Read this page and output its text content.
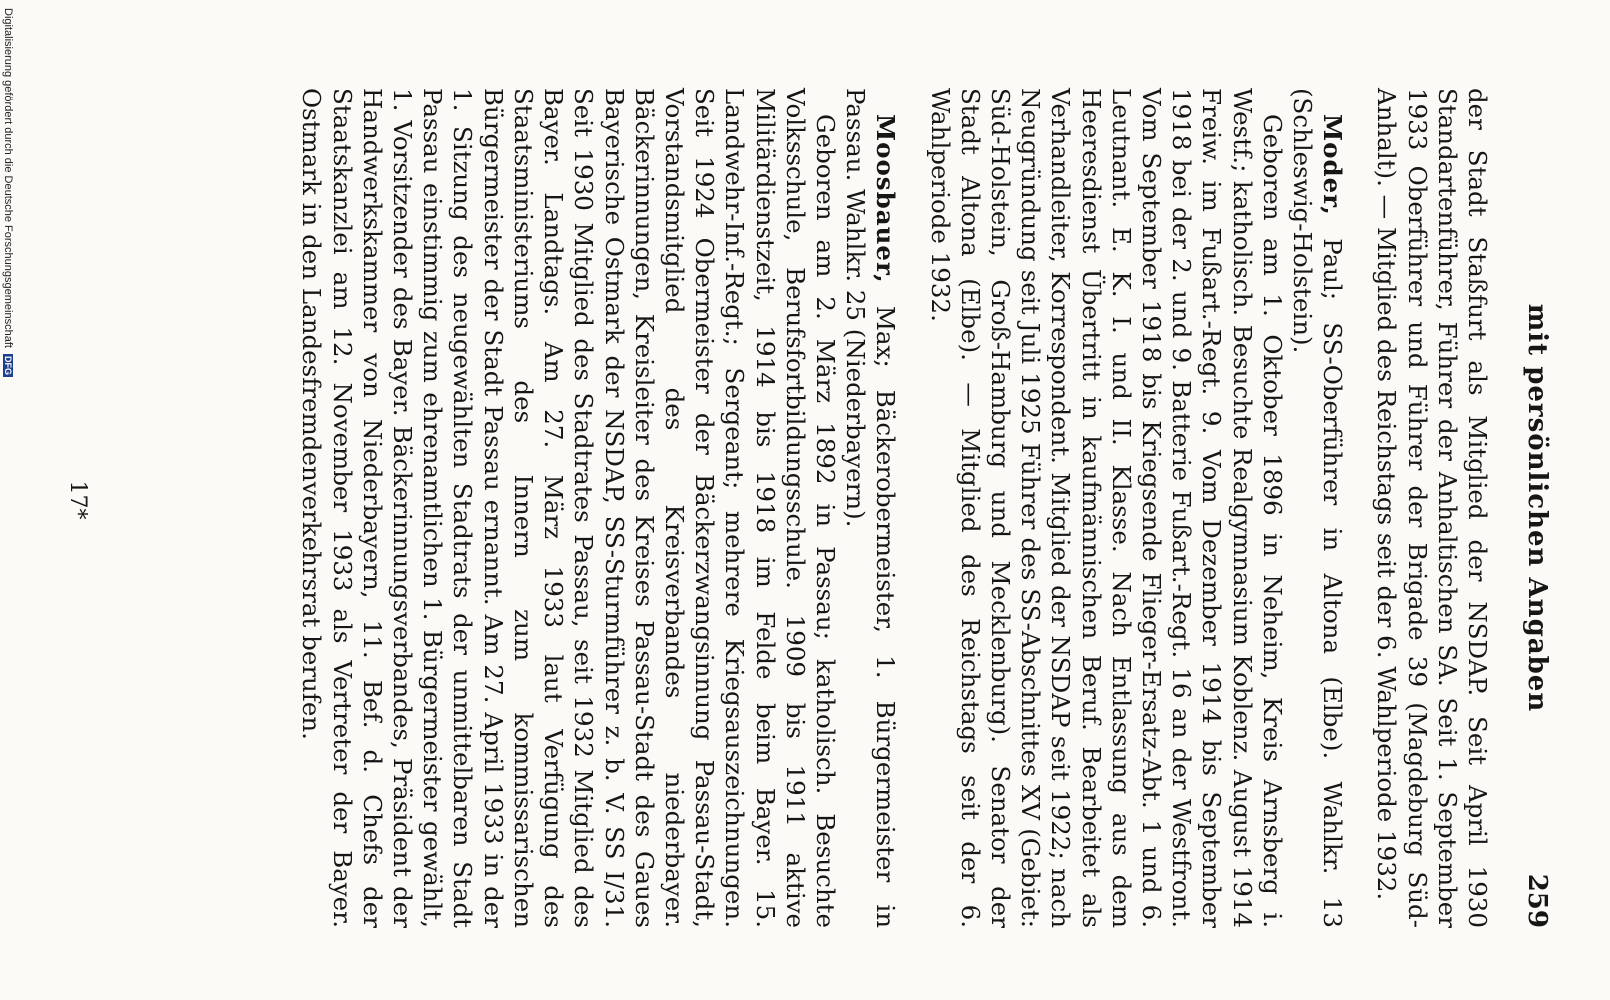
mit persönlichen Angaben
259

der Stadt Staßfurt als Mitglied der NSDAP. Seit April 1930 Standartenführer, Führer der Anhaltischen SA. Seit 1. September 1933 Oberführer und Führer der Brigade 39 (Magdeburg Süd-Anhalt). — Mitglied des Reichstags seit der 6. Wahlperiode 1932.

Moder, Paul; SS-Oberführer in Altona (Elbe). Wahlkr. 13 (Schleswig-Holstein).

Geboren am 1. Oktober 1896 in Neheim, Kreis Arnsberg i. Westf.; katholisch. Besuchte Realgymnasium Koblenz. August 1914 Freiw. im Fußart.-Regt. 9. Vom Dezember 1914 bis September 1918 bei der 2. und 9. Batterie Fußart.-Regt. 16 an der Westfront. Vom September 1918 bis Kriegsende Flieger-Ersatz-Abt. 1 und 6. Leutnant. E. K. I. und II. Klasse. Nach Entlassung aus dem Heeresdienst Übertritt in kaufmännischen Beruf. Bearbeitet als Verhandleiter, Korrespondent. Mitglied der NSDAP seit 1922; nach Neugründung seit Juli 1925 Führer des SS-Abschnittes XV (Gebiet: Süd-Holstein, Groß-Hamburg und Mecklenburg). Senator der Stadt Altona (Elbe). — Mitglied des Reichstags seit der 6. Wahlperiode 1932.

Moosbauer, Max; Bäckerobermeister, 1. Bürgermeister in Passau. Wahlkr. 25 (Niederbayern).

Geboren am 2. März 1892 in Passau; katholisch. Besuchte Volksschule, Berufsfortbildungsschule. 1909 bis 1911 aktive Militärdienstzeit, 1914 bis 1918 im Felde beim Bayer. 15. Landwehr-Inf.-Regt.; Sergeant; mehrere Kriegsauszeichnungen. Seit 1924 Obermeister der Bäckerzwangsinnung Passau-Stadt, Vorstandsmitglied des Kreisverbandes niederbayer. Bäckerinnungen, Kreisleiter des Kreises Passau-Stadt des Gaues Bayerische Ostmark der NSDAP, SS-Sturmführer z. b. V. SS I/31. Seit 1930 Mitglied des Stadtrates Passau, seit 1932 Mitglied des Bayer. Landtags. Am 27. März 1933 laut Verfügung des Staatsministeriums des Innern zum kommissarischen Bürgermeister der Stadt Passau ernannt. Am 27. April 1933 in der 1. Sitzung des neugewählten Stadtrats der unmittelbaren Stadt Passau einstimmig zum ehrenamtlichen 1. Bürgermeister gewählt, 1. Vorsitzender des Bayer. Bäckerinnungsverbandes, Präsident der Handwerkskammer von Niederbayern, 11. Bef. d. Chefs der Staatskanzlei am 12. November 1933 als Vertreter der Bayer. Ostmark in den Landesfremdenverkehrsrat berufen.

17*
Digitalisierung gefördert durch die Deutsche Forschungsgemeinschaft DFG
